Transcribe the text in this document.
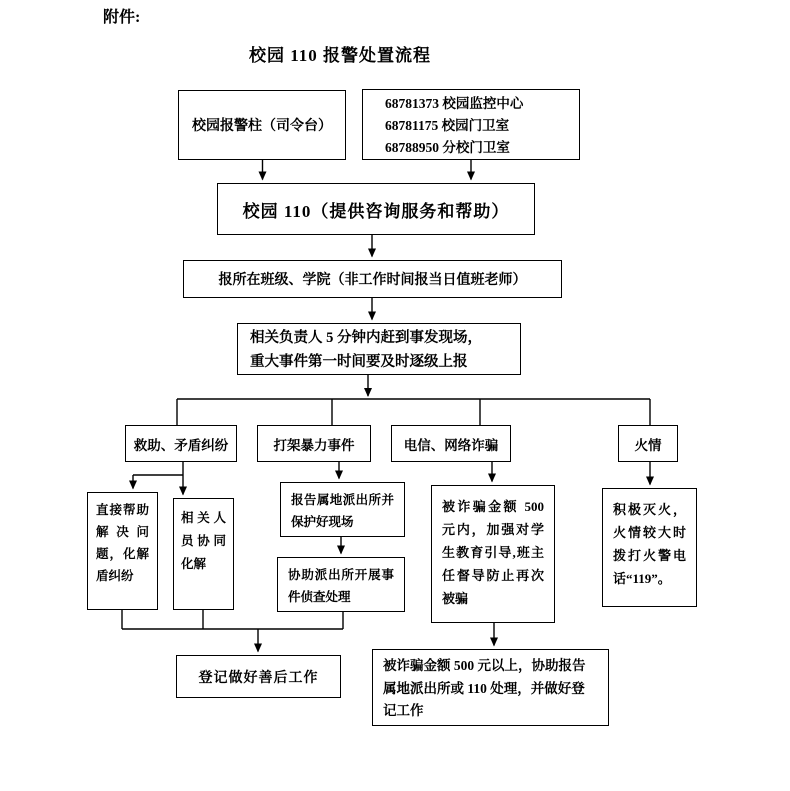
附件:
校园 110 报警处置流程
校园报警柱（司令台）
68781373 校园监控中心
68781175 校园门卫室
68788950 分校门卫室
校园 110（提供咨询服务和帮助）
报所在班级、学院（非工作时间报当日值班老师）
相关负责人 5 分钟内赶到事发现场，
重大事件第一时间要及时逐级上报
救助、矛盾纠纷	打架暴力事件	电信、网络诈骗	火情
直接帮助解决问题，化解盾纠纷
相关人员协同化解
报告属地派出所并保护好现场
协助派出所开展事件侦查处理
被诈骗金额 500 元内，加强对学生教育引导,班主任督导防止再次被骗
积极灭火，火情较大时拨打火警电话“119”。
登记做好善后工作
被诈骗金额 500 元以上，协助报告属地派出所或 110 处理，并做好登记工作
